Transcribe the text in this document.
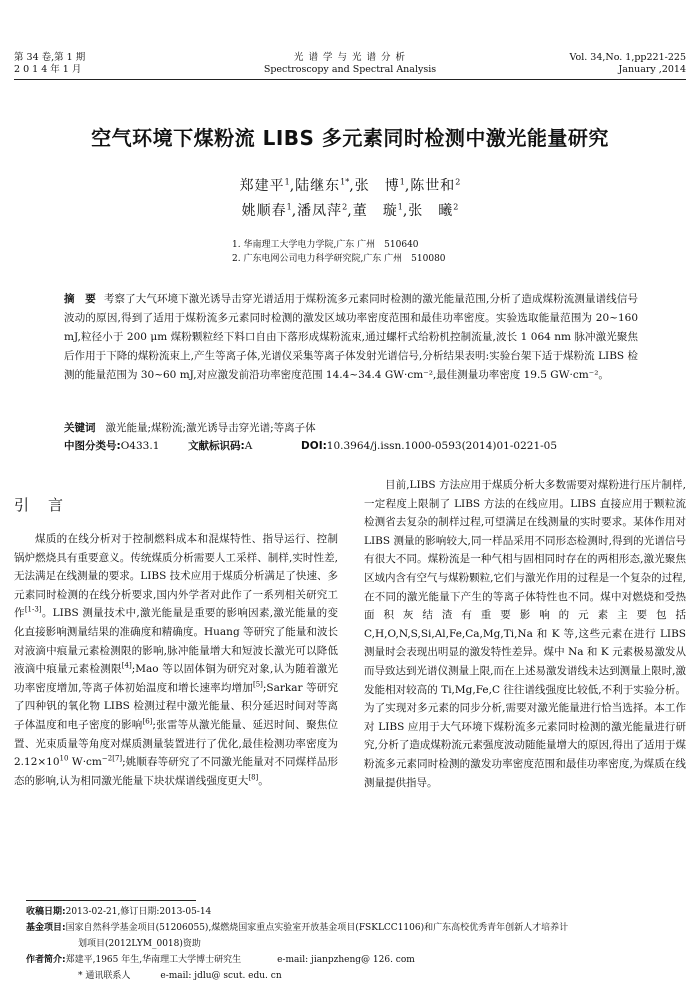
第 34 卷,第 1 期
2 0 1 4 年 1 月
光 谱 学 与 光 谱 分 析
Spectroscopy and Spectral Analysis
Vol. 34,No. 1,pp221-225
January ,2014
空气环境下煤粉流 LIBS 多元素同时检测中激光能量研究
郑建平$^1$,陆继东$^{1*}$,张　博$^1$,陈世和$^2$
姚顺春$^1$,潘凤萍$^2$,董　璇$^1$,张　曦$^2$
1. 华南理工大学电力学院,广东 广州　510640
2. 广东电网公司电力科学研究院,广东 广州　510080
摘　要 考察了大气环境下激光诱导击穿光谱适用于煤粉流多元素同时检测的激光能量范围,分析了造成煤粉流测量谱线信号波动的原因,得到了适用于煤粉流多元素同时检测的激发区域功率密度范围和最佳功率密度。实验选取能量范围为 20~160 mJ,粒径小于 200 μm 煤粉颗粒经下料口自由下落形成煤粉流束,通过螺杆式给粉机控制流量,波长 1 064 nm 脉冲激光聚焦后作用于下降的煤粉流束上,产生等离子体,光谱仪采集等离子体发射光谱信号,分析结果表明:实验台架下适于煤粉流 LIBS 检测的能量范围为 30~60 mJ,对应激发前沿功率密度范围 14.4~34.4 GW·cm⁻²,最佳测量功率密度 19.5 GW·cm⁻²。
关键词 激光能量;煤粉流;激光诱导击穿光谱;等离子体
中图分类号:O433.1	文献标识码:A	DOI:10.3964/j.issn.1000-0593(2014)01-0221-05
引　言

煤质的在线分析对于控制燃料成本和混煤特性、指导运行、控制锅炉燃烧具有重要意义。传统煤质分析需要人工采样、制样,实时性差,无法满足在线测量的要求。LIBS 技术应用于煤质分析满足了快速、多元素同时检测的在线分析要求,国内外学者对此作了一系列相关研究工作[1-3]。LIBS 测量技术中,激光能量是重要的影响因素,激光能量的变化直接影响测量结果的准确度和精确度。Huang 等研究了能量和波长对液滴中痕量元素检测限的影响,脉冲能量增大和短波长激光可以降低液滴中痕量元素检测限[4];Mao 等以固体铜为研究对象,认为随着激光功率密度增加,等离子体初始温度和增长速率均增加[5];Sarkar 等研究了四种钒的氧化物 LIBS 检测过程中激光能量、积分延迟时间对等离子体温度和电子密度的影响[6];张雷等从激光能量、延迟时间、聚焦位置、光束质量等角度对煤质测量装置进行了优化,最佳检测功率密度为 $2.12\times 10^{10}$ $W\cdot cm^{-2[7]}$;姚顺春等研究了不同激光能量对不同煤样品形态的影响,认为相同激光能量下块状煤谱线强度更大[8]。

目前,LIBS 方法应用于煤质分析大多数需要对煤粉进行压片制样,一定程度上限制了 LIBS 方法的在线应用。LIBS 直接应用于颗粒流检测省去复杂的制样过程,可望满足在线测量的实时要求。某体作用对 LIBS 测量的影响较大,同一样品采用不同形态检测时,得到的光谱信号有很大不同。煤粉流是一种气相与固相同时存在的两相形态,激光聚焦区域内含有空气与煤粉颗粒,它们与激光作用的过程是一个复杂的过程,在不同的激光能量下产生的等离子体特性也不同。煤中对燃烧和受热面积灰结渣有重要影响的元素主要包括 C,H,O,N,S,Si,Al,Fe,Ca,Mg,Ti,Na 和 K 等,这些元素在进行 LIBS 测量时会表现出明显的激发特性差异。煤中 Na 和 K 元素极易激发从而导致达到光谱仪测量上限,而在上述易激发谱线未达到测量上限时,激发能相对较高的 Ti,Mg,Fe,C 往往谱线强度比较低,不利于实验分析。为了实现对多元素的同步分析,需要对激光能量进行恰当选择。本工作对 LIBS 应用于大气环境下煤粉流多元素同时检测的激光能量进行研究,分析了造成煤粉流元素强度波动随能量增大的原因,得出了适用于煤粉流多元素同时检测的激发功率密度范围和最佳功率密度,为煤质在线测量提供指导。

收稿日期:2013-02-21,修订日期:2013-05-14
基金项目:国家自然科学基金项目(51206055),煤燃烧国家重点实验室开放基金项目(FSKLCC1106)和广东高校优秀青年创新人才培养计
划项目(2012LYM_0018)资助
作者简介:郑建平,1965 年生,华南理工大学博士研究生	e-mail: jianpzheng@ 126. com
* 通讯联系人	e-mail: jdlu@ scut. edu. cn
